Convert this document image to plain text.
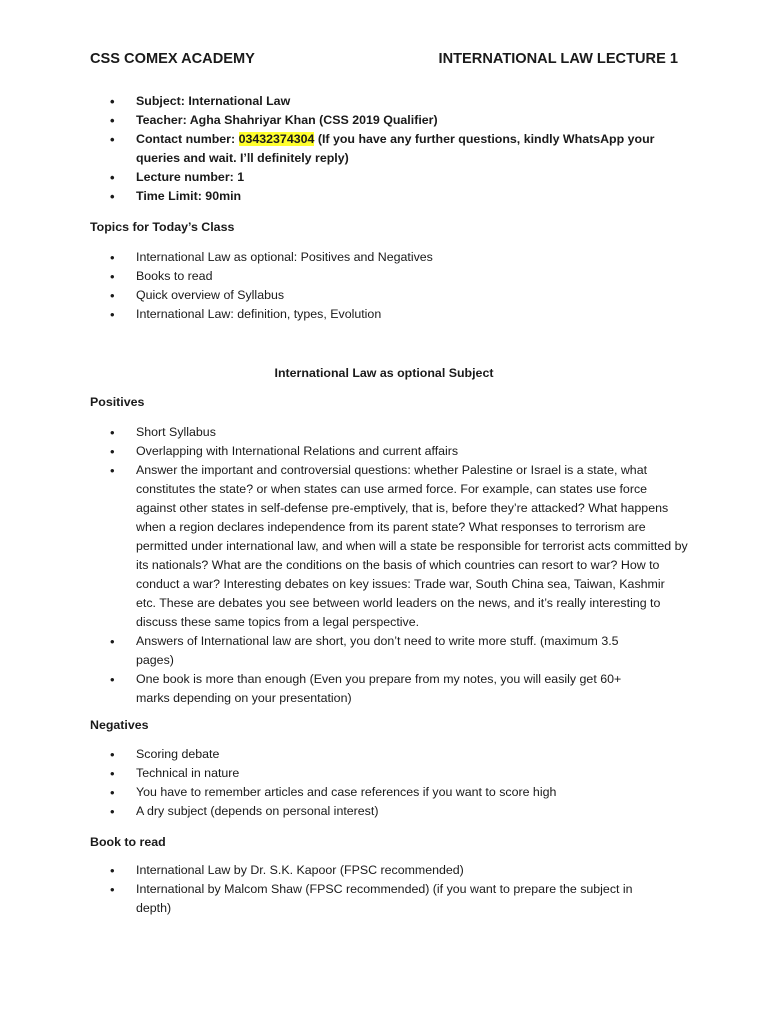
CSS COMEX ACADEMY	INTERNATIONAL LAW LECTURE 1
• Subject: International Law
• Teacher: Agha Shahriyar Khan (CSS 2019 Qualifier)
• Contact number: 03432374304 (If you have any further questions, kindly WhatsApp your queries and wait. I’ll definitely reply)
• Lecture number: 1
• Time Limit: 90min
Topics for Today’s Class
• International Law as optional: Positives and Negatives
• Books to read
• Quick overview of Syllabus
• International Law: definition, types, Evolution
International Law as optional Subject
Positives
• Short Syllabus
• Overlapping with International Relations and current affairs
• Answer the important and controversial questions: whether Palestine or Israel is a state, what constitutes the state? or when states can use armed force. For example, can states use force against other states in self-defense pre-emptively, that is, before they’re attacked? What happens when a region declares independence from its parent state? What responses to terrorism are permitted under international law, and when will a state be responsible for terrorist acts committed by its nationals? What are the conditions on the basis of which countries can resort to war? How to conduct a war? Interesting debates on key issues: Trade war, South China sea, Taiwan, Kashmir etc. These are debates you see between world leaders on the news, and it’s really interesting to discuss these same topics from a legal perspective.
• Answers of International law are short, you don’t need to write more stuff. (maximum 3.5 pages)
• One book is more than enough (Even you prepare from my notes, you will easily get 60+ marks depending on your presentation)
Negatives
• Scoring debate
• Technical in nature
• You have to remember articles and case references if you want to score high
• A dry subject (depends on personal interest)
Book to read
• International Law by Dr. S.K. Kapoor (FPSC recommended)
• International by Malcom Shaw (FPSC recommended) (if you want to prepare the subject in depth)
